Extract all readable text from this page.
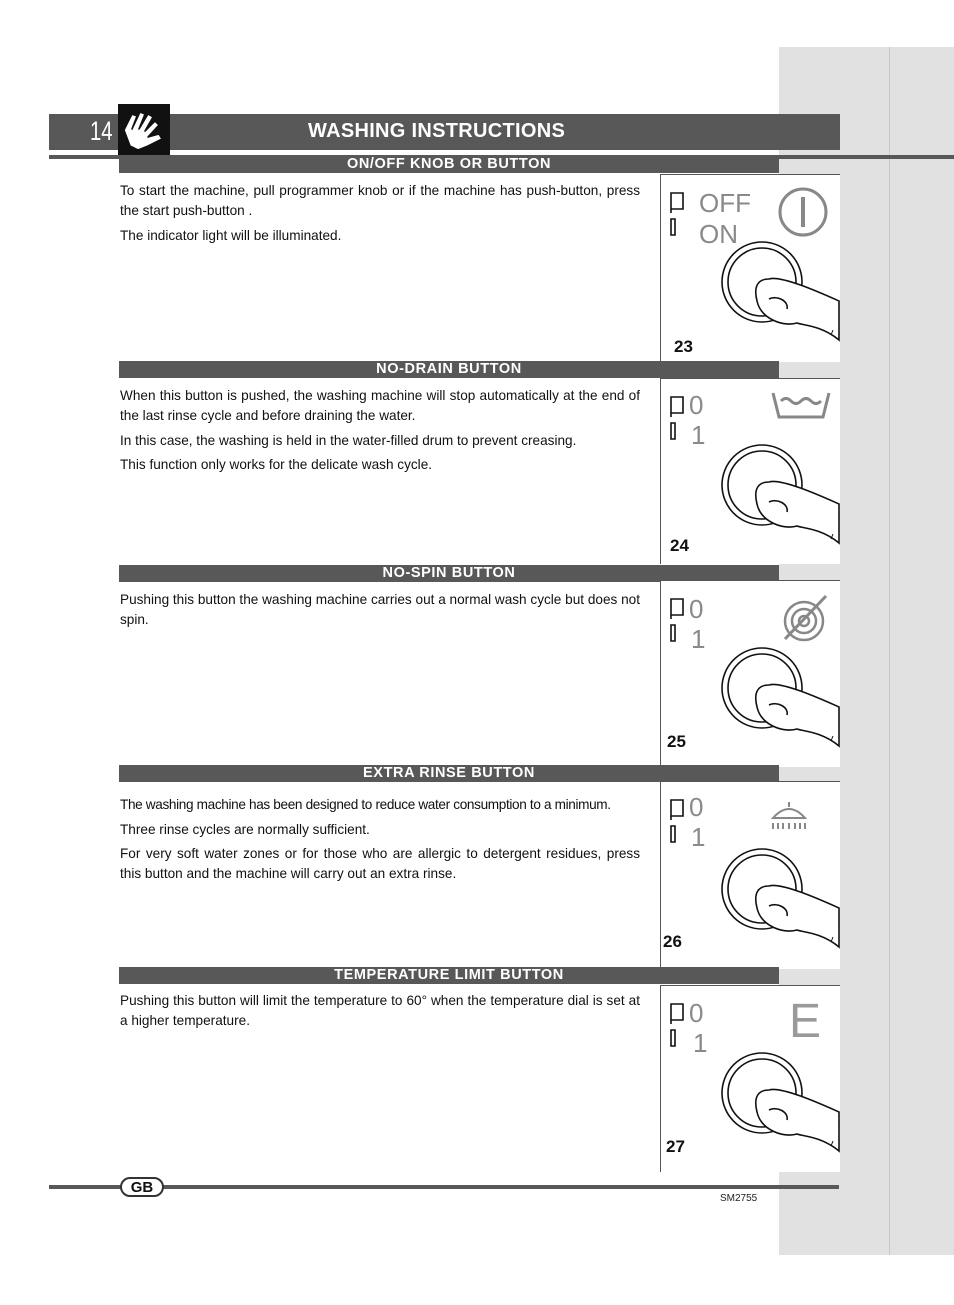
14	WASHING INSTRUCTIONS
ON/OFF KNOB OR BUTTON

To start the machine, pull programmer knob or if the machine has push-button, press the start push-button .

The indicator light will be illuminated.

OFF
ON
23
NO-DRAIN BUTTON

When this button is pushed, the washing machine will stop automatically at the end of the last rinse cycle and before draining the water.

In this case, the washing is held in the water-filled drum to prevent creasing.

This function only works for the delicate wash cycle.

0
1
24
NO-SPIN BUTTON

Pushing this button the washing machine carries out a normal wash cycle but does not spin.	0
1
25
EXTRA RINSE BUTTON

The washing machine has been designed to reduce water consumption to a minimum.

Three rinse cycles are normally sufficient.

For very soft water zones or for those who are allergic to detergent residues, press this button and the machine will carry out an extra rinse.

0
1
26
TEMPERATURE LIMIT BUTTON

Pushing this button will limit the temperature to 60° when the temperature dial is set at a higher temperature.	E
0
1
27
GB
SM2755
